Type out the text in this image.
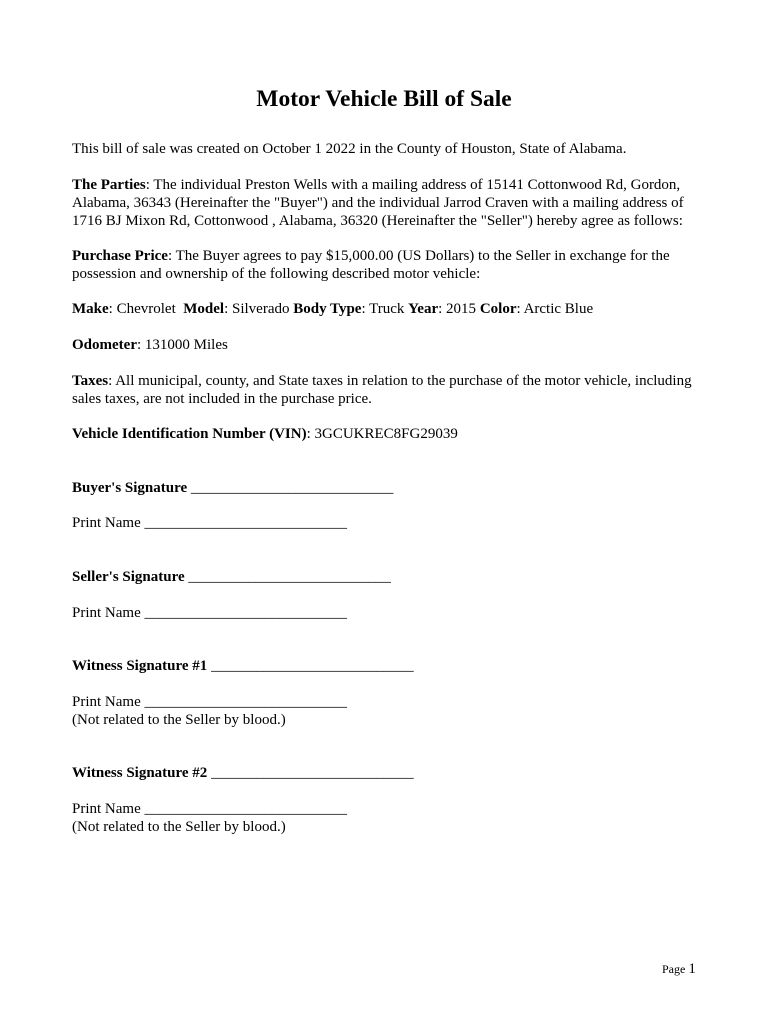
Motor Vehicle Bill of Sale

This bill of sale was created on October 1 2022 in the County of Houston, State of Alabama.

The Parties: The individual Preston Wells with a mailing address of 15141 Cottonwood Rd, Gordon, Alabama, 36343 (Hereinafter the "Buyer") and the individual Jarrod Craven with a mailing address of 1716 BJ Mixon Rd, Cottonwood , Alabama, 36320 (Hereinafter the "Seller") hereby agree as follows:

Purchase Price: The Buyer agrees to pay $15,000.00 (US Dollars) to the Seller in exchange for the possession and ownership of the following described motor vehicle:

Make: Chevrolet  Model: Silverado Body Type: Truck Year: 2015 Color: Arctic Blue

Odometer: 131000 Miles

Taxes: All municipal, county, and State taxes in relation to the purchase of the motor vehicle, including sales taxes, are not included in the purchase price.

Vehicle Identification Number (VIN): 3GCUKREC8FG29039

Buyer's Signature ___________________________

Print Name ___________________________

Seller's Signature ___________________________

Print Name ___________________________

Witness Signature #1 ___________________________

Print Name ___________________________

(Not related to the Seller by blood.)

Witness Signature #2 ___________________________

Print Name ___________________________

(Not related to the Seller by blood.)

Page 1
